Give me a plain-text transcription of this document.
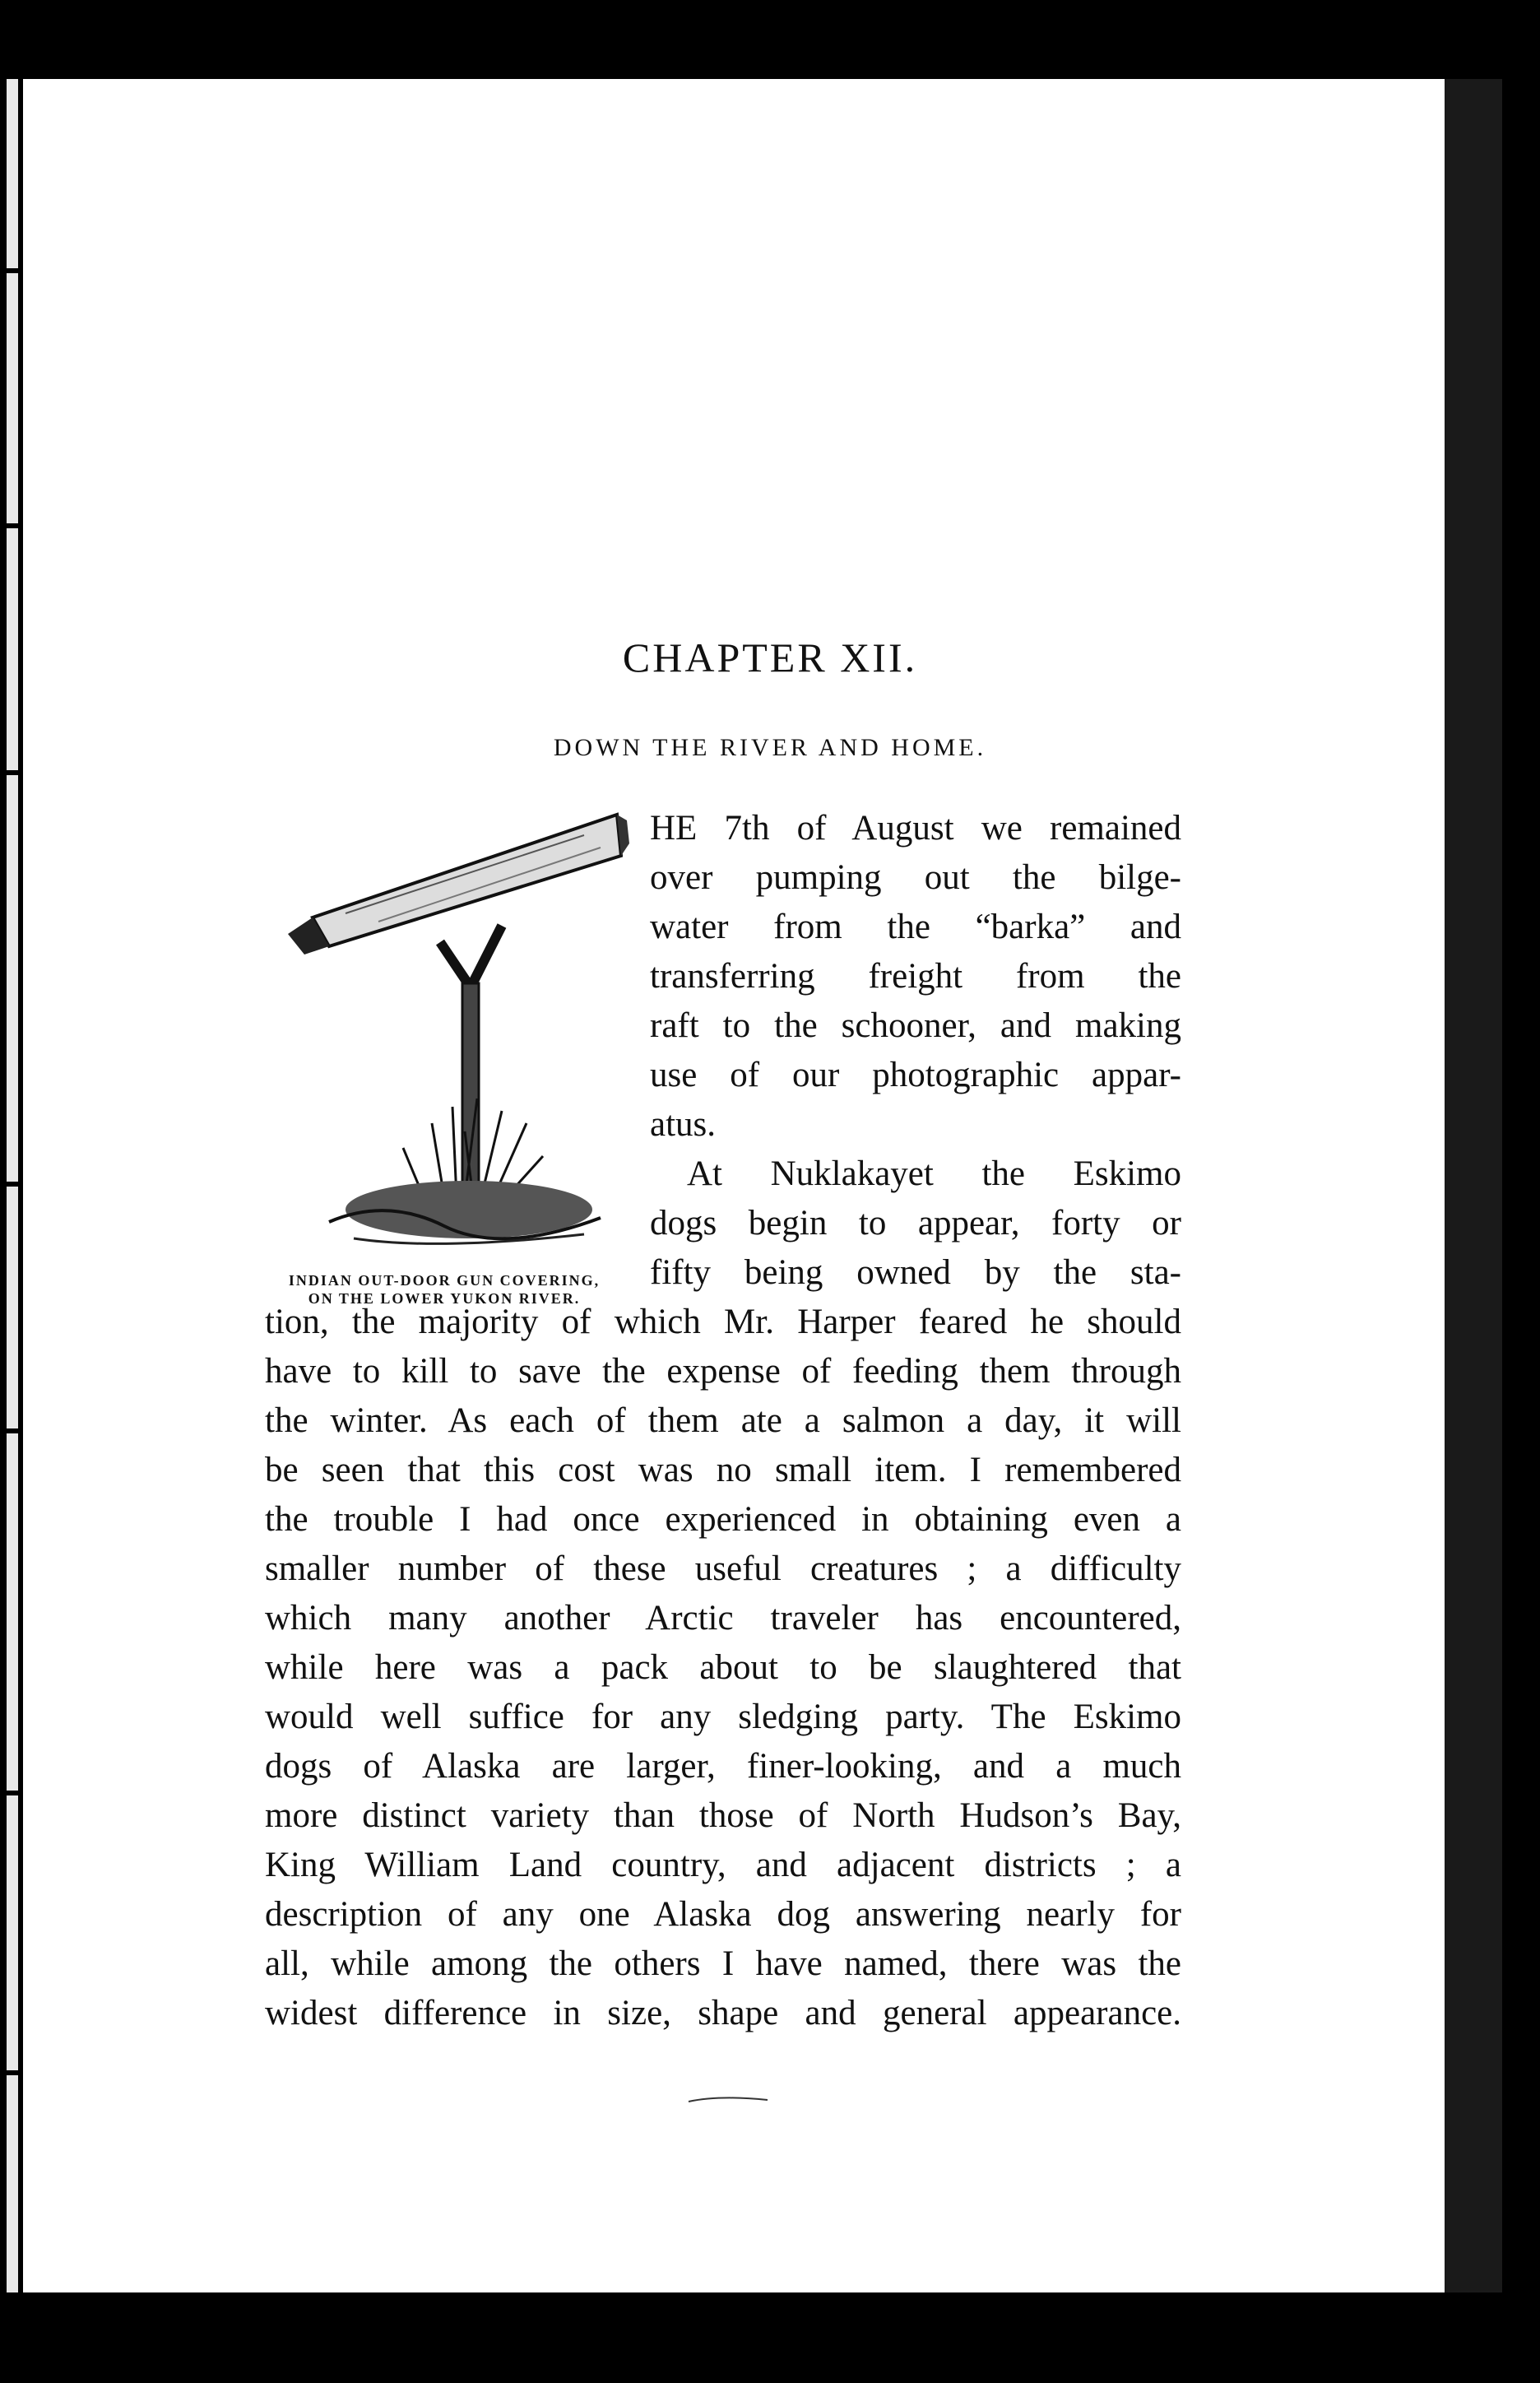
CHAPTER XII.
DOWN THE RIVER AND HOME.
INDIAN OUT-DOOR GUN COVERING,
ON THE LOWER YUKON RIVER.
HE 7th of August we remained
over pumping out the bilge-
water from the “barka” and
transferring freight from the
raft to the schooner, and making
use of our photographic appar-
atus.
At Nuklakayet the Eskimo
dogs begin to appear, forty or
fifty being owned by the sta-
tion, the majority of which Mr. Harper feared he should
have to kill to save the expense of feeding them through
the winter. As each of them ate a salmon a day, it will
be seen that this cost was no small item. I remembered
the trouble I had once experienced in obtaining even a
smaller number of these useful creatures ; a difficulty
which many another Arctic traveler has encountered,
while here was a pack about to be slaughtered that
would well suffice for any sledging party. The Eskimo
dogs of Alaska are larger, finer-looking, and a much
more distinct variety than those of North Hudson’s Bay,
King William Land country, and adjacent districts ; a
description of any one Alaska dog answering nearly for
all, while among the others I have named, there was the
widest difference in size, shape and general appearance.
